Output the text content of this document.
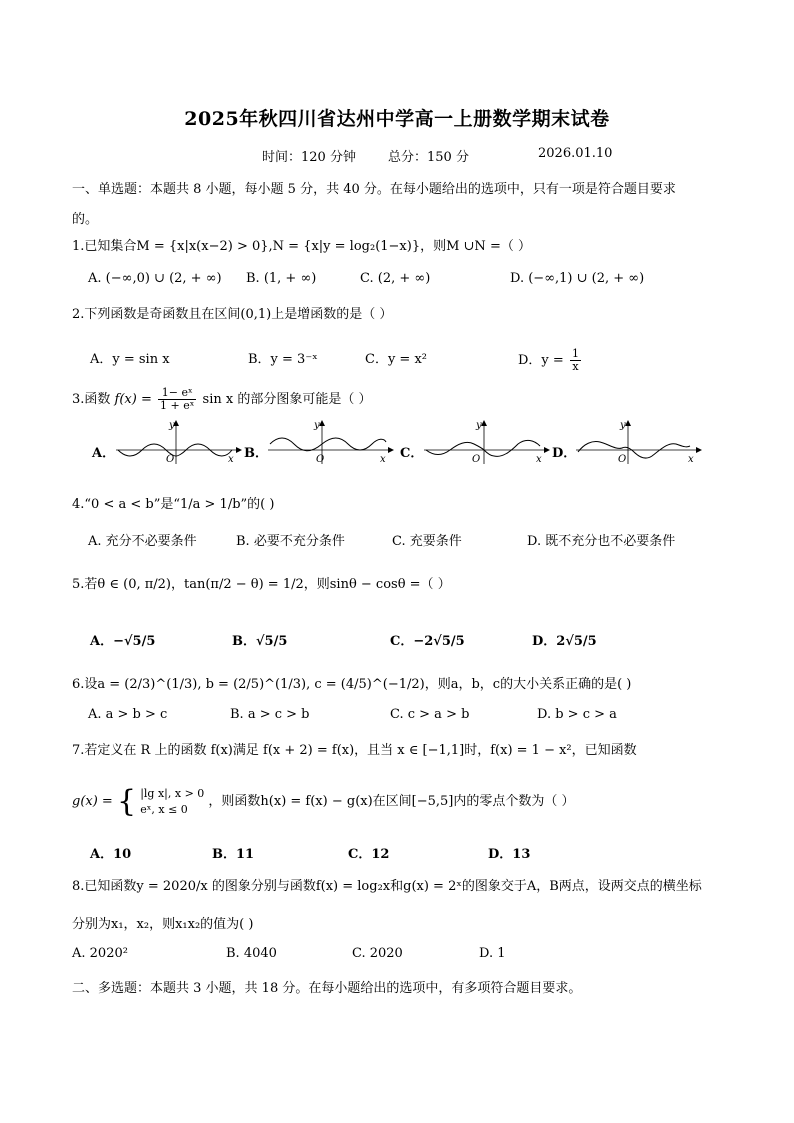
2025年秋四川省达州中学高一上册数学期末试卷
时间：120 分钟 总分：150 分	2026.01.10
一、单选题：本题共 8 小题，每小题 5 分，共 40 分。在每小题给出的选项中，只有一项是符合题目要求
的。
1.已知集合M = {x|x(x−2) > 0},N = {x|y = log₂(1−x)}，则M ∪N =（ ）
A. (−∞,0) ∪ (2, + ∞) B. (1, + ∞)	C. (2, + ∞)	D. (−∞,1) ∪ (2, + ∞)
2.下列函数是奇函数且在区间(0,1)上是增函数的是（ ）
A．y = sin x	B．y = 3⁻ˣ	C．y = x²	D．$y = \frac{1}{x}$
3.函数 $f(x) = \frac{\text{1− eˣ}}{\text{1 + eˣ}}$ sin x 的部分图象可能是（ ）
A．	B．	C．	D．
O
y
x	O
y
x	O
y
x	O
y
x
4.“0 < a < b”是“1/a > 1/b”的( )
A. 充分不必要条件	B. 必要不充分条件	C. 充要条件	D. 既不充分也不必要条件
5.若θ ∈ (0, π/2)，tan(π/2 − θ) = 1/2，则sinθ − cosθ =（ ）
A．−√5/5	B．√5/5	C．−2√5/5	D．2√5/5
6.设a = (2/3)^(1/3), b = (2/5)^(1/3), c = (4/5)^(−1/2)，则a，b，c的大小关系正确的是( )
A. a > b > c	B. a > c > b	C. c > a > b	D. b > c > a
7.若定义在 R 上的函数 f(x)满足 f(x + 2) = f(x)，且当 x ∈ [−1,1]时，f(x) = 1 − x²，已知函数
g(x) = { |lg x|, x > 0
eˣ, x ≤ 0
，则函数h(x) = f(x) − g(x)在区间[−5,5]内的零点个数为（ ）
A．10	B．11	C．12	D．13
8.已知函数y = 2020/x 的图象分别与函数f(x) = log₂x和g(x) = 2ˣ的图象交于A，B两点，设两交点的横坐标
分别为x₁，x₂，则x₁x₂的值为( )
A. 2020²	B. 4040	C. 2020	D. 1
二、多选题：本题共 3 小题，共 18 分。在每小题给出的选项中，有多项符合题目要求。
